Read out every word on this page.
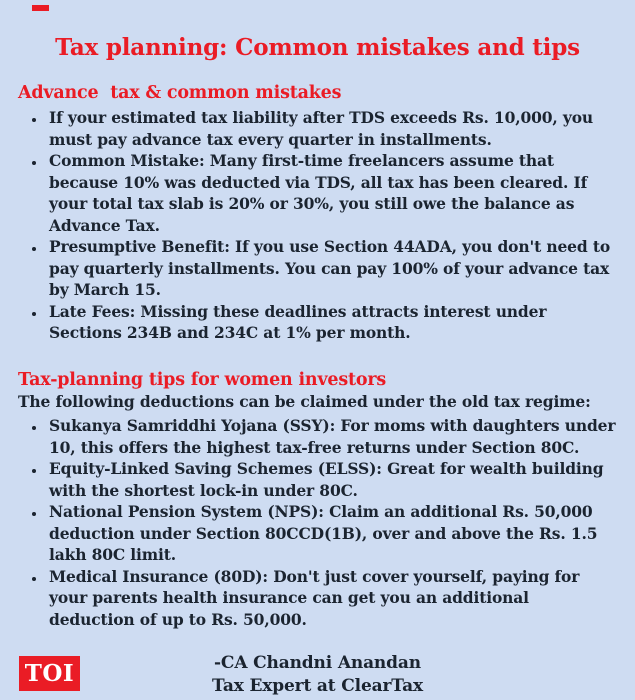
Tax planning: Common mistakes and tips
Advance  tax & common mistakes
• If your estimated tax liability after TDS exceeds Rs. 10,000, you must pay advance tax every quarter in installments.
• Common Mistake: Many first-time freelancers assume that because 10% was deducted via TDS, all tax has been cleared. If your total tax slab is 20% or 30%, you still owe the balance as Advance Tax.
• Presumptive Benefit: If you use Section 44ADA, you don't need to pay quarterly installments. You can pay 100% of your advance tax by March 15.
• Late Fees: Missing these deadlines attracts interest under Sections 234B and 234C at 1% per month.
Tax-planning tips for women investors
The following deductions can be claimed under the old tax regime:
• Sukanya Samriddhi Yojana (SSY): For moms with daughters under 10, this offers the highest tax-free returns under Section 80C.
• Equity-Linked Saving Schemes (ELSS): Great for wealth building with the shortest lock-in under 80C.
• National Pension System (NPS): Claim an additional Rs. 50,000 deduction under Section 80CCD(1B), over and above the Rs. 1.5 lakh 80C limit.
• Medical Insurance (80D): Don't just cover yourself, paying for your parents health insurance can get you an additional deduction of up to Rs. 50,000.
-CA Chandni Anandan
Tax Expert at ClearTax
TOI
